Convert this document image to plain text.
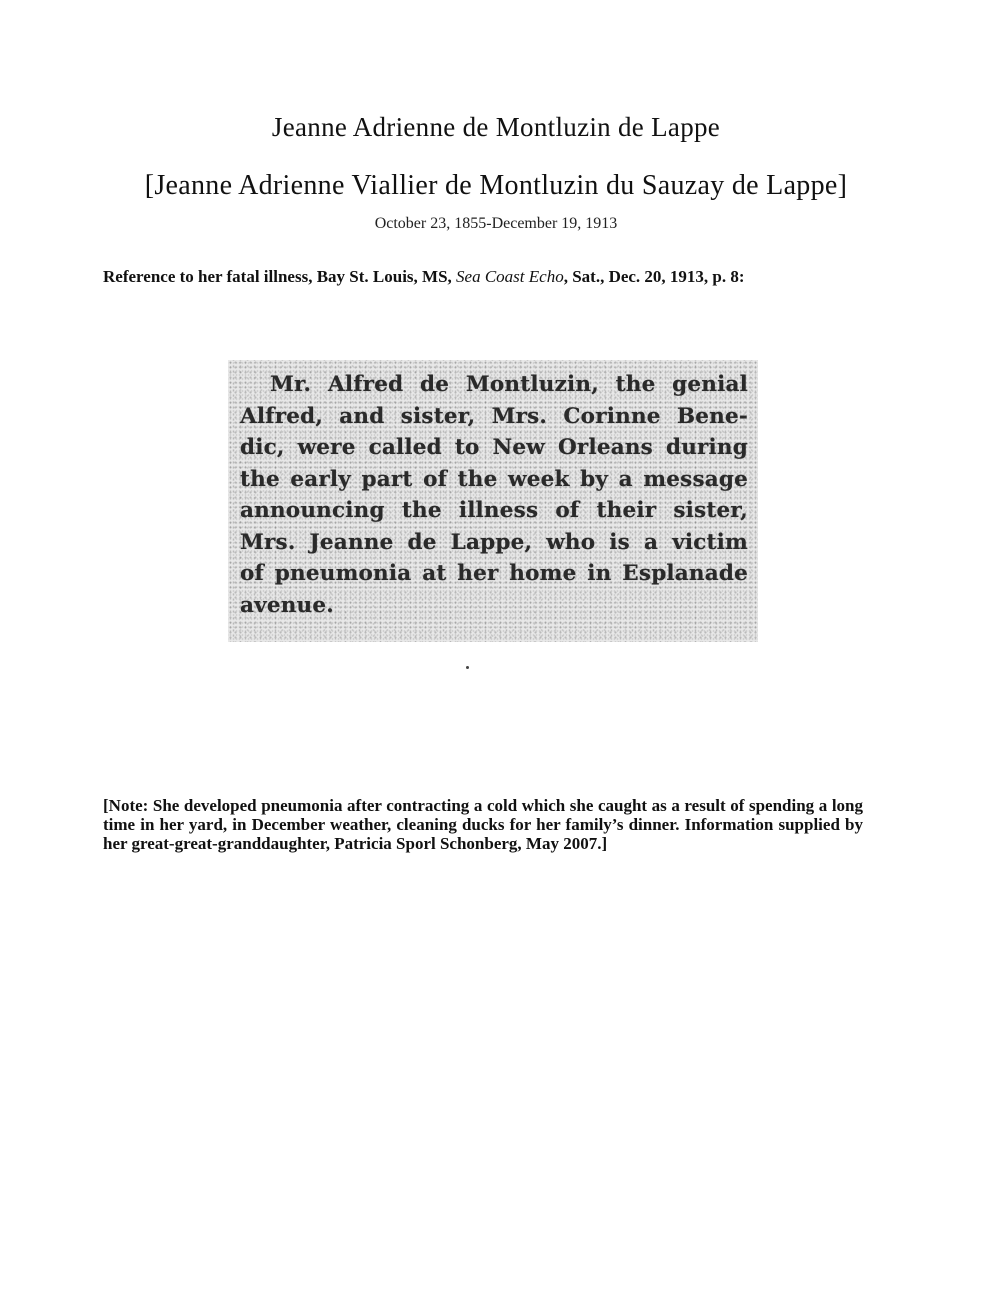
Jeanne Adrienne de Montluzin de Lappe
[Jeanne Adrienne Viallier de Montluzin du Sauzay de Lappe]
October 23, 1855-December 19, 1913

Reference to her fatal illness, Bay St. Louis, MS, Sea Coast Echo, Sat., Dec. 20, 1913, p. 8:

Mr. Alfred de Montluzin, the genial
Alfred, and sister, Mrs. Corinne Bene-
dic, were called to New Orleans during
the early part of the week by a message
announcing the illness of their sister,
Mrs. Jeanne de Lappe, who is a victim
of pneumonia at her home in Esplanade
avenue.

[Note: She developed pneumonia after contracting a cold which she caught as a result of spending a long time in her yard, in December weather, cleaning ducks for her family’s dinner. Information supplied by her great-great-granddaughter, Patricia Sporl Schonberg, May 2007.]
